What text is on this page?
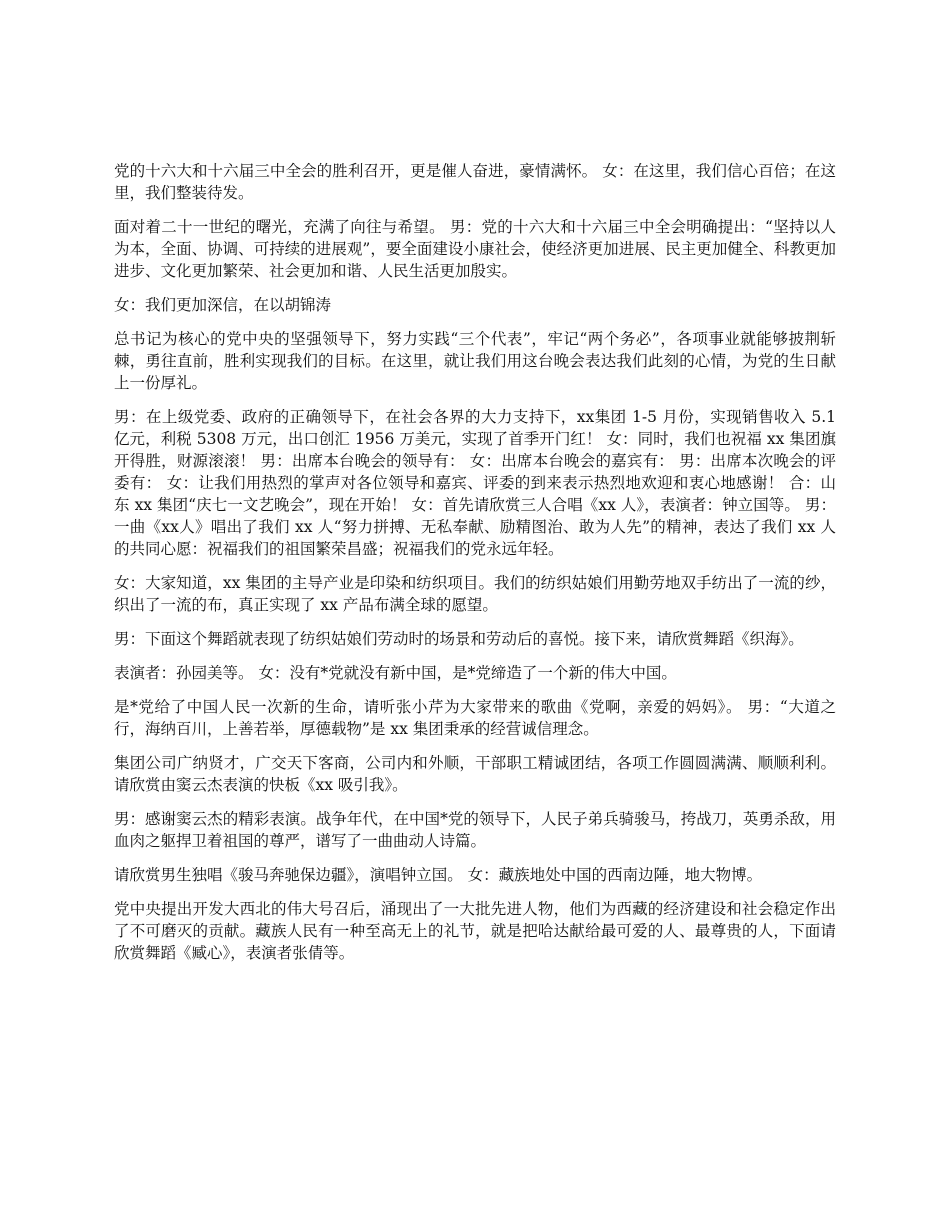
党的十六大和十六届三中全会的胜利召开，更是催人奋进，豪情满怀。 女：在这里，我们信心百倍；在这里，我们整装待发。

面对着二十一世纪的曙光，充满了向往与希望。 男：党的十六大和十六届三中全会明确提出：“坚持以人为本，全面、协调、可持续的进展观”，要全面建设小康社会，使经济更加进展、民主更加健全、科教更加进步、文化更加繁荣、社会更加和谐、人民生活更加殷实。

女：我们更加深信，在以胡锦涛

总书记为核心的党中央的坚强领导下，努力实践“三个代表”，牢记“两个务必”，各项事业就能够披荆斩棘，勇往直前，胜利实现我们的目标。在这里，就让我们用这台晚会表达我们此刻的心情，为党的生日献上一份厚礼。

男：在上级党委、政府的正确领导下，在社会各界的大力支持下，xx集团 1-5 月份，实现销售收入 5.1 亿元，利税 5308 万元，出口创汇 1956 万美元，实现了首季开门红！ 女：同时，我们也祝福 xx 集团旗开得胜，财源滚滚！ 男：出席本台晚会的领导有： 女：出席本台晚会的嘉宾有： 男：出席本次晚会的评委有： 女：让我们用热烈的掌声对各位领导和嘉宾、评委的到来表示热烈地欢迎和衷心地感谢！ 合：山东 xx 集团“庆七一文艺晚会”，现在开始！ 女：首先请欣赏三人合唱《xx 人》，表演者：钟立国等。 男：一曲《xx人》唱出了我们 xx 人“努力拼搏、无私奉献、励精图治、敢为人先”的精神，表达了我们 xx 人的共同心愿：祝福我们的祖国繁荣昌盛；祝福我们的党永远年轻。

女：大家知道，xx 集团的主导产业是印染和纺织项目。我们的纺织姑娘们用勤劳地双手纺出了一流的纱，织出了一流的布，真正实现了 xx 产品布满全球的愿望。

男：下面这个舞蹈就表现了纺织姑娘们劳动时的场景和劳动后的喜悦。接下来，请欣赏舞蹈《织海》。

表演者：孙园美等。 女：没有*党就没有新中国，是*党缔造了一个新的伟大中国。

是*党给了中国人民一次新的生命，请听张小芹为大家带来的歌曲《党啊，亲爱的妈妈》。 男：“大道之行，海纳百川，上善若举，厚德载物”是 xx 集团秉承的经营诚信理念。

集团公司广纳贤才，广交天下客商，公司内和外顺，干部职工精诚团结，各项工作圆圆满满、顺顺利利。请欣赏由窦云杰表演的快板《xx 吸引我》。

男：感谢窦云杰的精彩表演。战争年代，在中国*党的领导下，人民子弟兵骑骏马，挎战刀，英勇杀敌，用血肉之躯捍卫着祖国的尊严，谱写了一曲曲动人诗篇。

请欣赏男生独唱《骏马奔驰保边疆》，演唱钟立国。 女：藏族地处中国的西南边陲，地大物博。

党中央提出开发大西北的伟大号召后，涌现出了一大批先进人物，他们为西藏的经济建设和社会稳定作出了不可磨灭的贡献。藏族人民有一种至高无上的礼节，就是把哈达献给最可爱的人、最尊贵的人，下面请欣赏舞蹈《臧心》，表演者张倩等。
